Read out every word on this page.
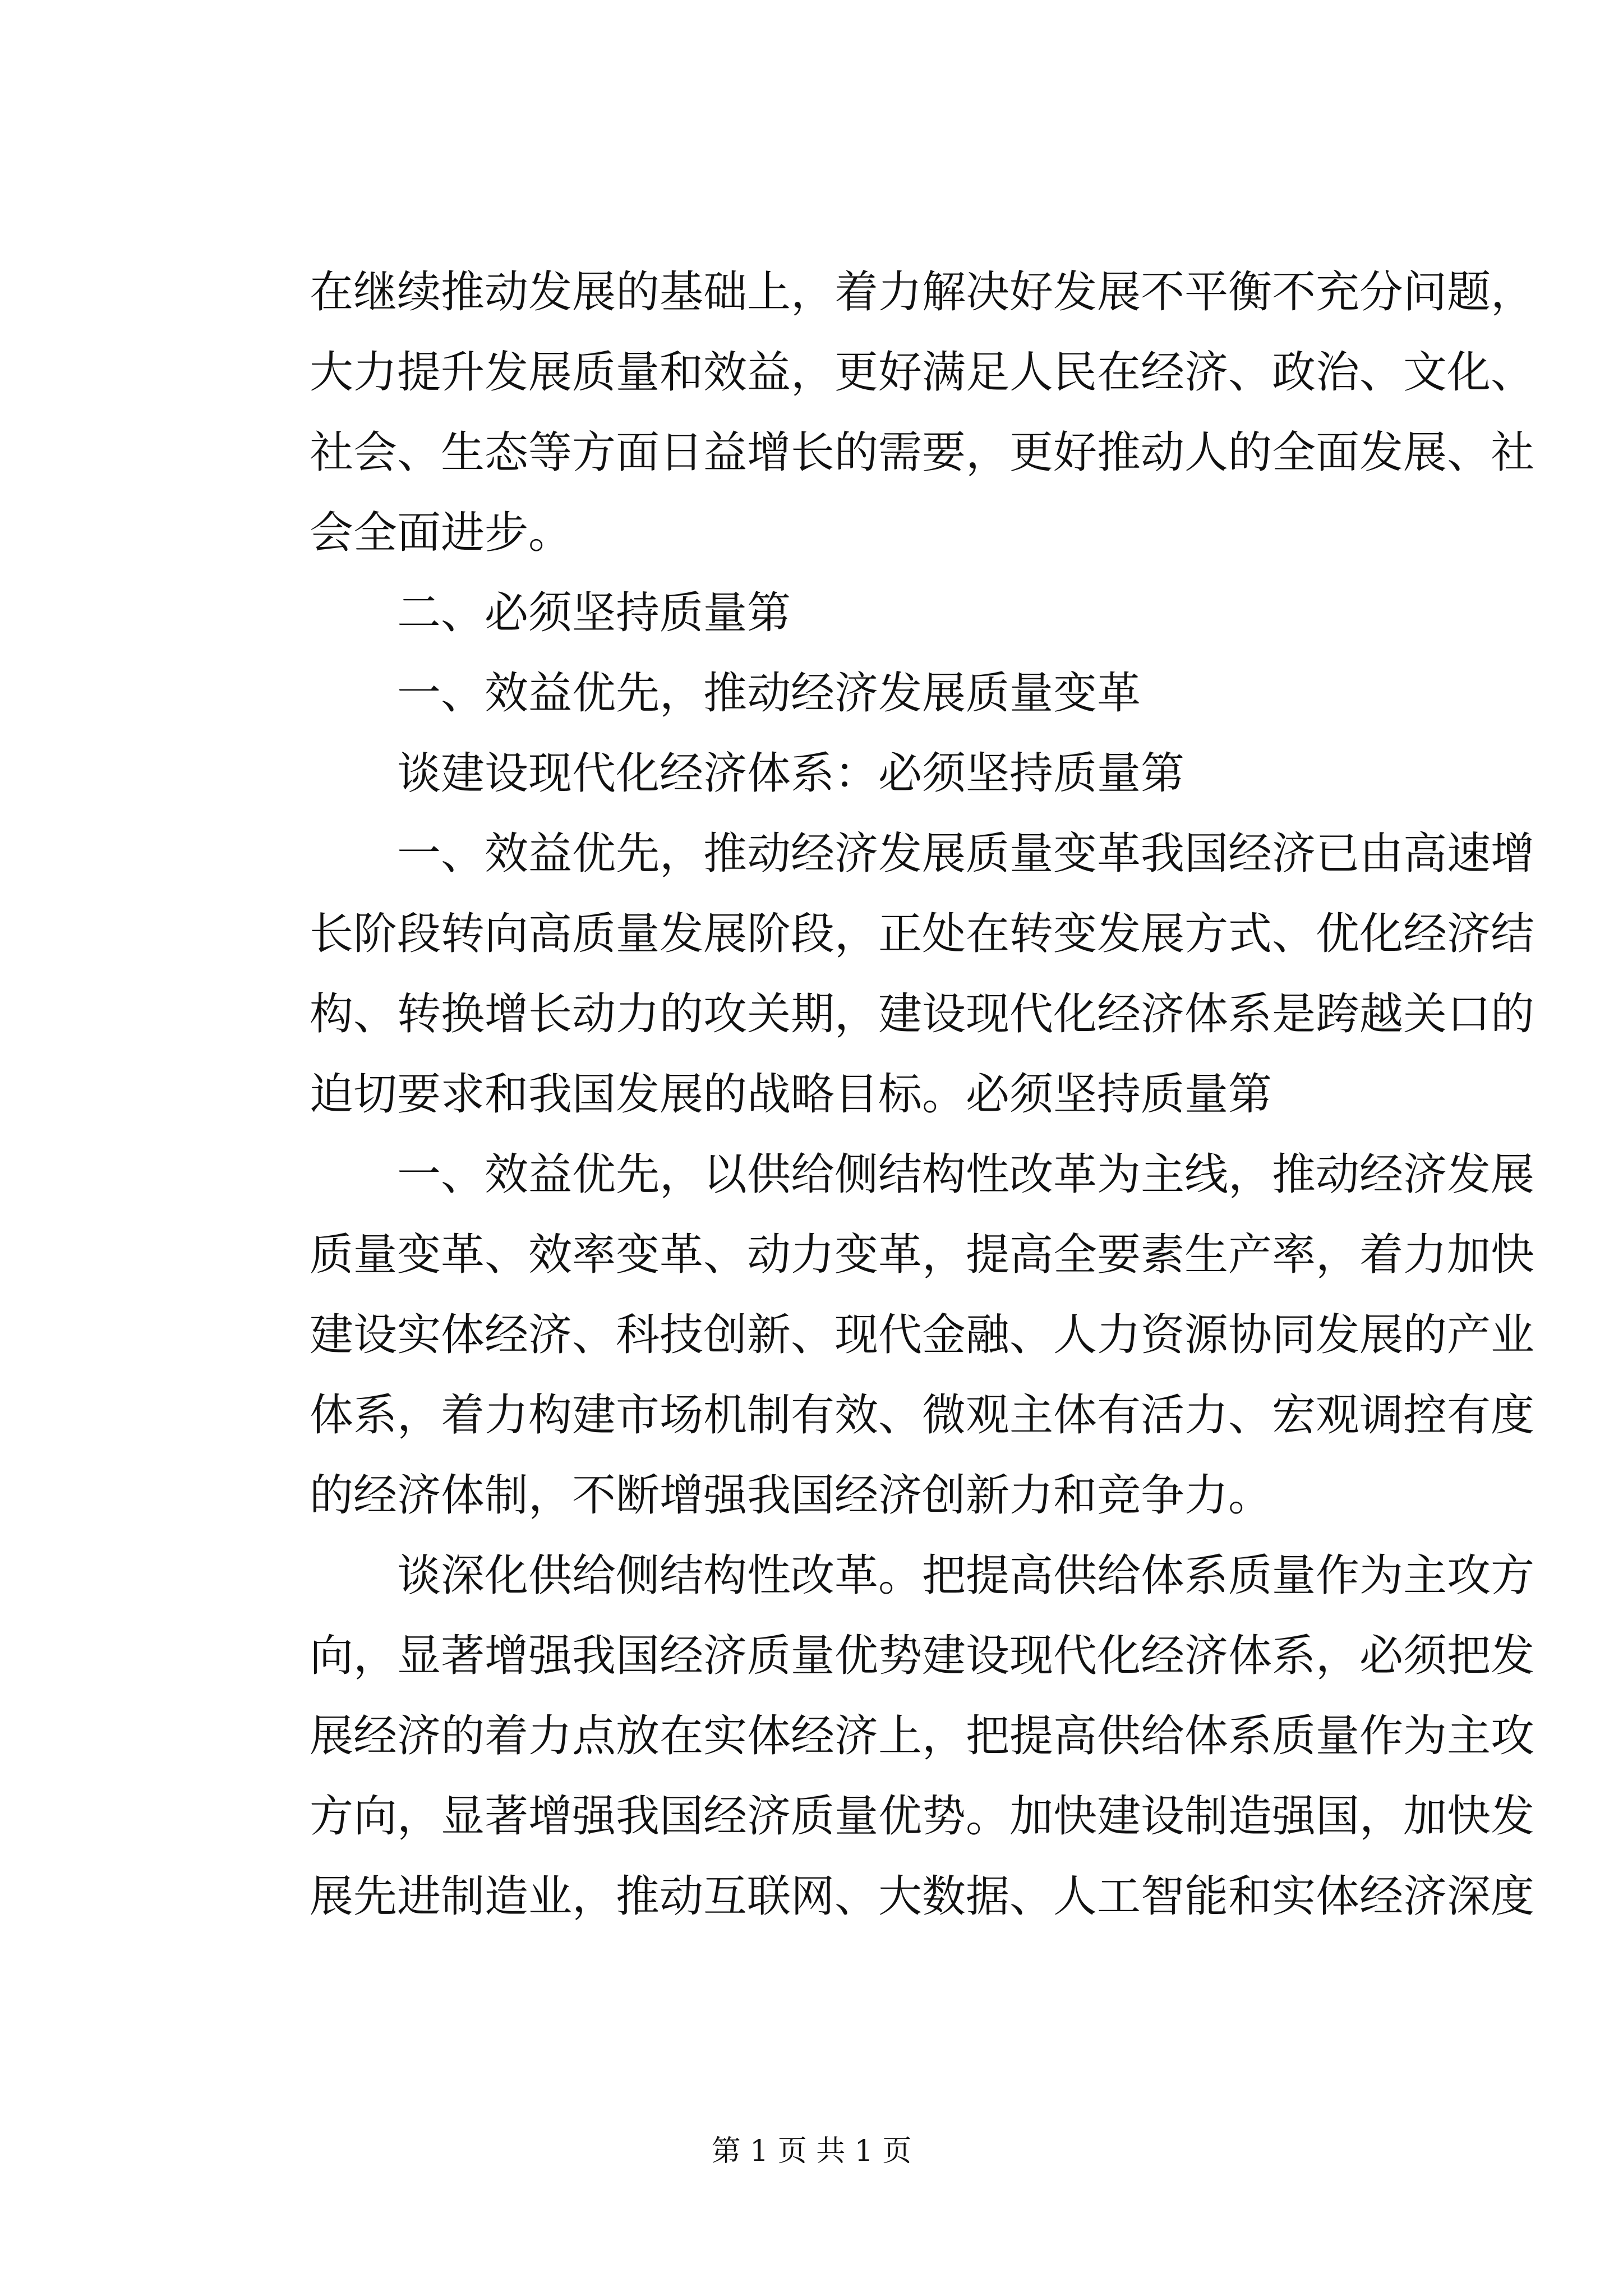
在继续推动发展的基础上，着力解决好发展不平衡不充分问题，
大力提升发展质量和效益，更好满足人民在经济、政治、文化、
社会、生态等方面日益增长的需要，更好推动人的全面发展、社
会全面进步。
二、必须坚持质量第
一、效益优先，推动经济发展质量变革
谈建设现代化经济体系：必须坚持质量第
一、效益优先，推动经济发展质量变革我国经济已由高速增
长阶段转向高质量发展阶段，正处在转变发展方式、优化经济结
构、转换增长动力的攻关期，建设现代化经济体系是跨越关口的
迫切要求和我国发展的战略目标。必须坚持质量第
一、效益优先，以供给侧结构性改革为主线，推动经济发展
质量变革、效率变革、动力变革，提高全要素生产率，着力加快
建设实体经济、科技创新、现代金融、人力资源协同发展的产业
体系，着力构建市场机制有效、微观主体有活力、宏观调控有度
的经济体制，不断增强我国经济创新力和竞争力。
谈深化供给侧结构性改革。把提高供给体系质量作为主攻方
向，显著增强我国经济质量优势建设现代化经济体系，必须把发
展经济的着力点放在实体经济上，把提高供给体系质量作为主攻
方向，显著增强我国经济质量优势。加快建设制造强国，加快发
展先进制造业，推动互联网、大数据、人工智能和实体经济深度
第 1 页 共 1 页
